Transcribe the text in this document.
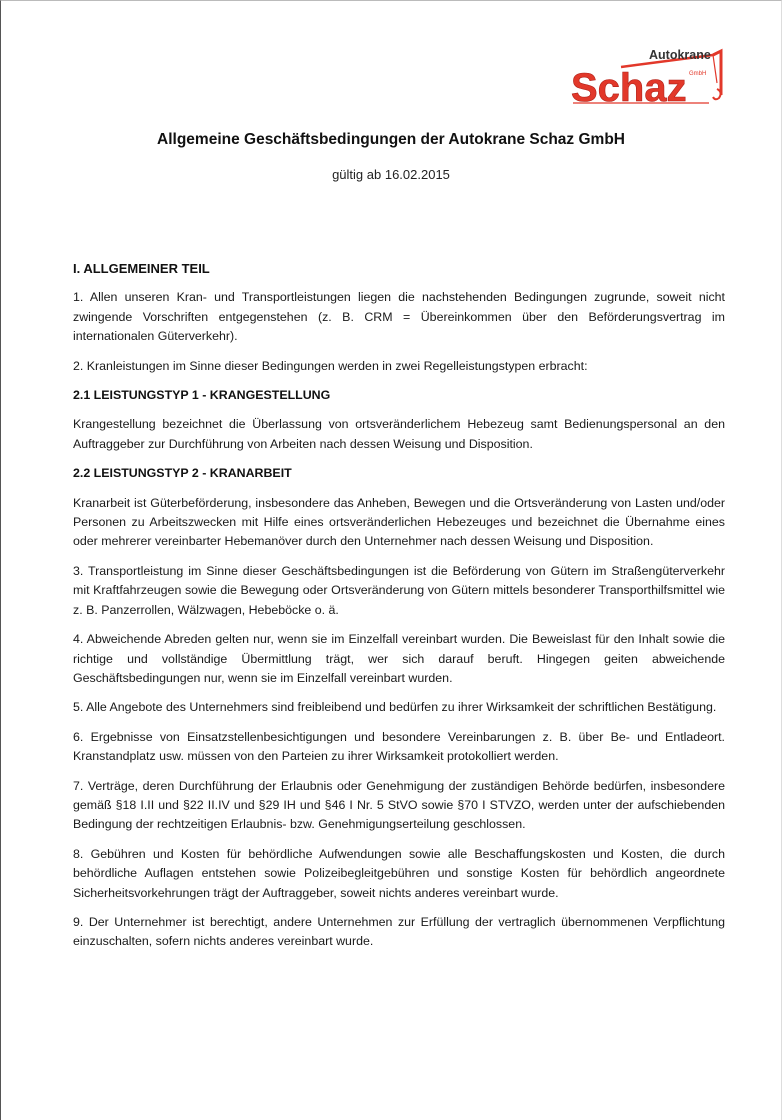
Autokrane
Schaz GmbH
Allgemeine Geschäftsbedingungen der Autokrane Schaz GmbH
gültig ab 16.02.2015
I. ALLGEMEINER TEIL

1. Allen unseren Kran- und Transportleistungen liegen die nachstehenden Bedingungen zugrunde, soweit nicht zwingende Vorschriften entgegenstehen (z. B. CRM = Übereinkommen über den Beförderungsvertrag im internationalen Güterverkehr).

2. Kranleistungen im Sinne dieser Bedingungen werden in zwei Regelleistungstypen erbracht:

2.1 LEISTUNGSTYP 1 - KRANGESTELLUNG

Krangestellung bezeichnet die Überlassung von ortsveränderlichem Hebezeug samt Bedienungspersonal an den Auftraggeber zur Durchführung von Arbeiten nach dessen Weisung und Disposition.

2.2 LEISTUNGSTYP 2 - KRANARBEIT

Kranarbeit ist Güterbeförderung, insbesondere das Anheben, Bewegen und die Ortsveränderung von Lasten und/oder Personen zu Arbeitszwecken mit Hilfe eines ortsveränderlichen Hebezeuges und bezeichnet die Übernahme eines oder mehrerer vereinbarter Hebemanöver durch den Unternehmer nach dessen Weisung und Disposition.

3. Transportleistung im Sinne dieser Geschäftsbedingungen ist die Beförderung von Gütern im Straßengüterverkehr mit Kraftfahrzeugen sowie die Bewegung oder Ortsveränderung von Gütern mittels besonderer Transporthilfsmittel wie z. B. Panzerrollen, Wälzwagen, Hebeböcke o. ä.

4. Abweichende Abreden gelten nur, wenn sie im Einzelfall vereinbart wurden. Die Beweislast für den Inhalt sowie die richtige und vollständige Übermittlung trägt, wer sich darauf beruft. Hingegen geiten abweichende Geschäftsbedingungen nur, wenn sie im Einzelfall vereinbart wurden.

5. Alle Angebote des Unternehmers sind freibleibend und bedürfen zu ihrer Wirksamkeit der schriftlichen Bestätigung.

6. Ergebnisse von Einsatzstellenbesichtigungen und besondere Vereinbarungen z. B. über Be- und Entladeort. Kranstandplatz usw. müssen von den Parteien zu ihrer Wirksamkeit protokolliert werden.

7. Verträge, deren Durchführung der Erlaubnis oder Genehmigung der zuständigen Behörde bedürfen, insbesondere gemäß §18 I.II und §22 II.IV und §29 IH und §46 I Nr. 5 StVO sowie §70 I STVZO, werden unter der aufschiebenden Bedingung der rechtzeitigen Erlaubnis- bzw. Genehmigungserteilung geschlossen.

8. Gebühren und Kosten für behördliche Aufwendungen sowie alle Beschaffungskosten und Kosten, die durch behördliche Auflagen entstehen sowie Polizeibegleitgebühren und sonstige Kosten für behördlich angeordnete Sicherheitsvorkehrungen trägt der Auftraggeber, soweit nichts anderes vereinbart wurde.

9. Der Unternehmer ist berechtigt, andere Unternehmen zur Erfüllung der vertraglich übernommenen Verpflichtung einzuschalten, sofern nichts anderes vereinbart wurde.
